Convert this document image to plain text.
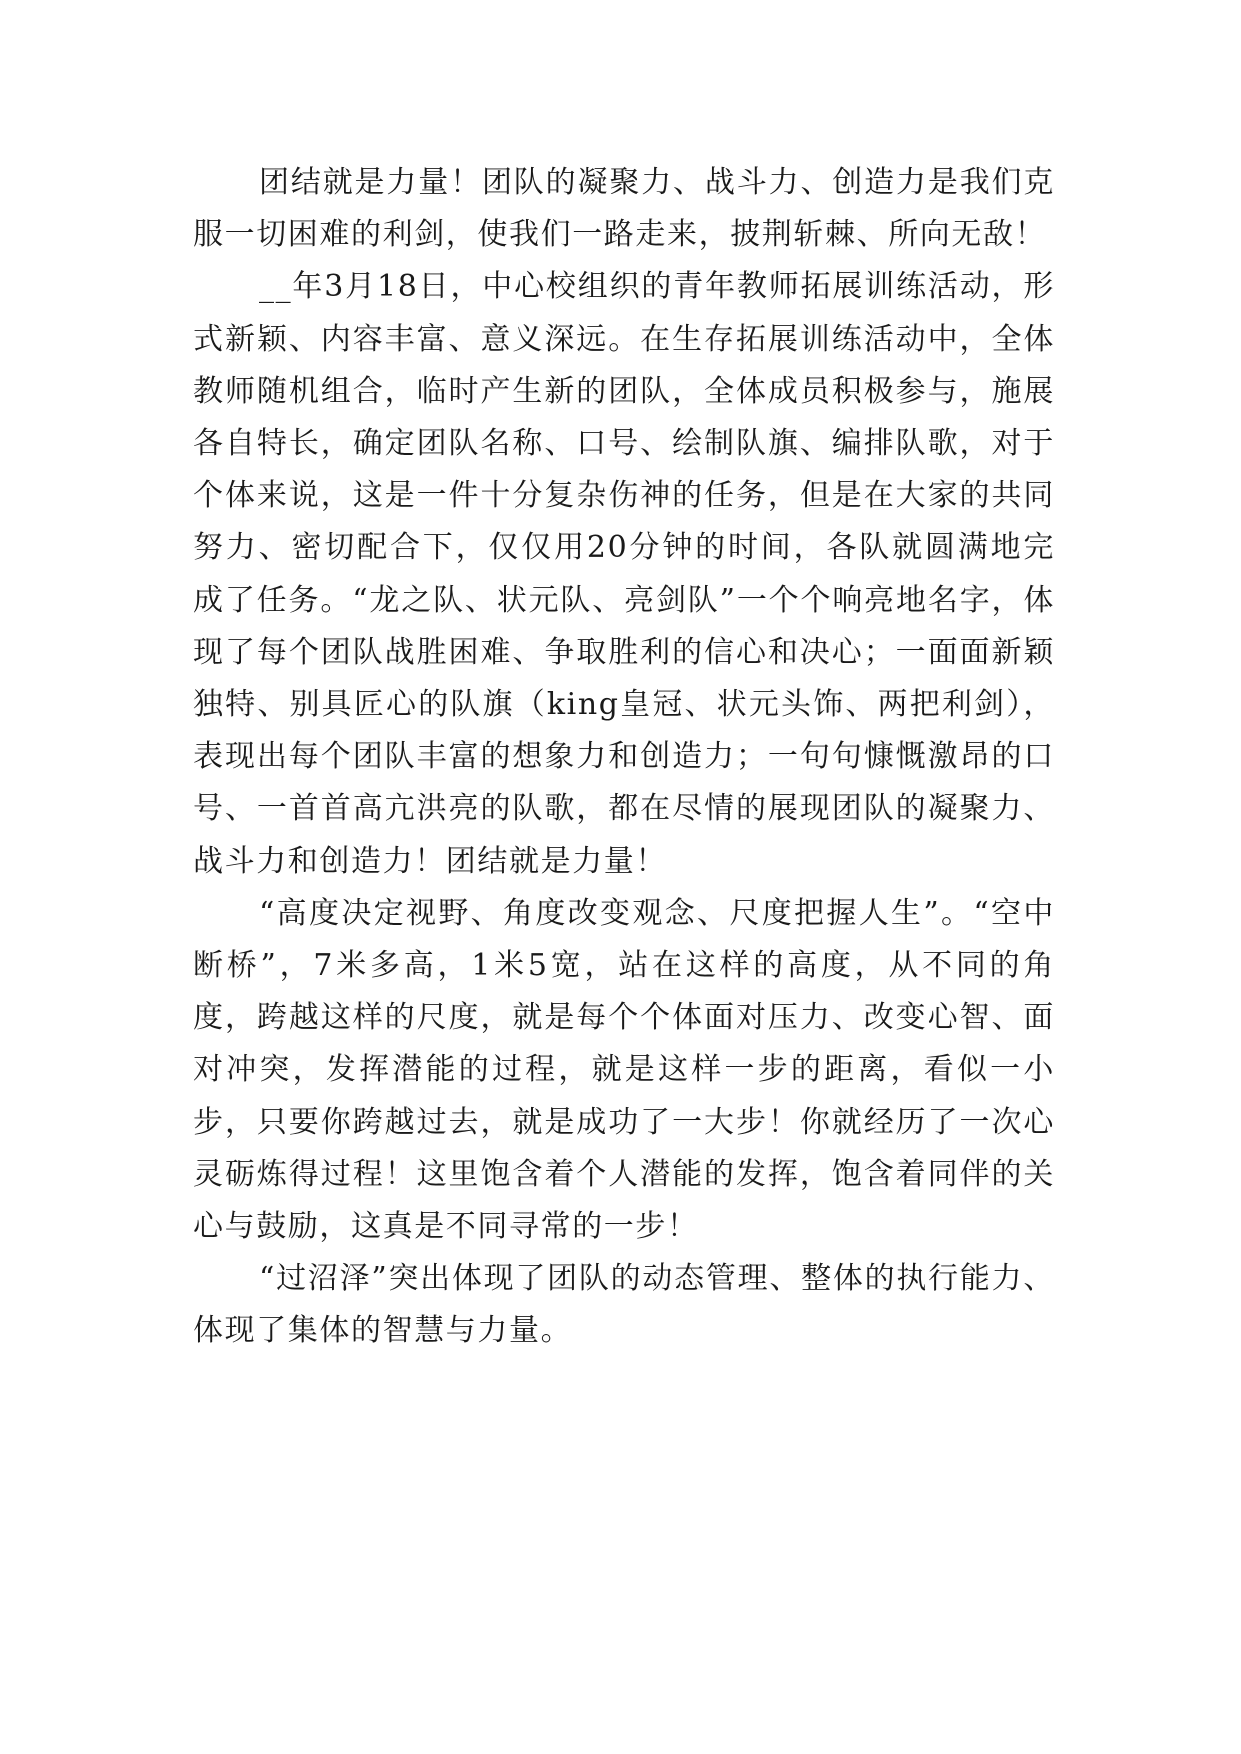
团结就是力量！团队的凝聚力、战斗力、创造力是我们克服一切困难的利剑，使我们一路走来，披荆斩棘、所向无敌！

__年3月18日，中心校组织的青年教师拓展训练活动，形式新颖、内容丰富、意义深远。在生存拓展训练活动中，全体教师随机组合，临时产生新的团队，全体成员积极参与，施展各自特长，确定团队名称、口号、绘制队旗、编排队歌，对于个体来说，这是一件十分复杂伤神的任务，但是在大家的共同努力、密切配合下，仅仅用20分钟的时间，各队就圆满地完成了任务。“龙之队、状元队、亮剑队”一个个响亮地名字，体现了每个团队战胜困难、争取胜利的信心和决心；一面面新颖独特、别具匠心的队旗（king皇冠、状元头饰、两把利剑），表现出每个团队丰富的想象力和创造力；一句句慷慨激昂的口号、一首首高亢洪亮的队歌，都在尽情的展现团队的凝聚力、战斗力和创造力！团结就是力量！

“高度决定视野、角度改变观念、尺度把握人生”。“空中断桥”，7米多高，1米5宽，站在这样的高度，从不同的角度，跨越这样的尺度，就是每个个体面对压力、改变心智、面对冲突，发挥潜能的过程，就是这样一步的距离，看似一小步，只要你跨越过去，就是成功了一大步！你就经历了一次心灵砺炼得过程！这里饱含着个人潜能的发挥，饱含着同伴的关心与鼓励，这真是不同寻常的一步！

“过沼泽”突出体现了团队的动态管理、整体的执行能力、体现了集体的智慧与力量。
